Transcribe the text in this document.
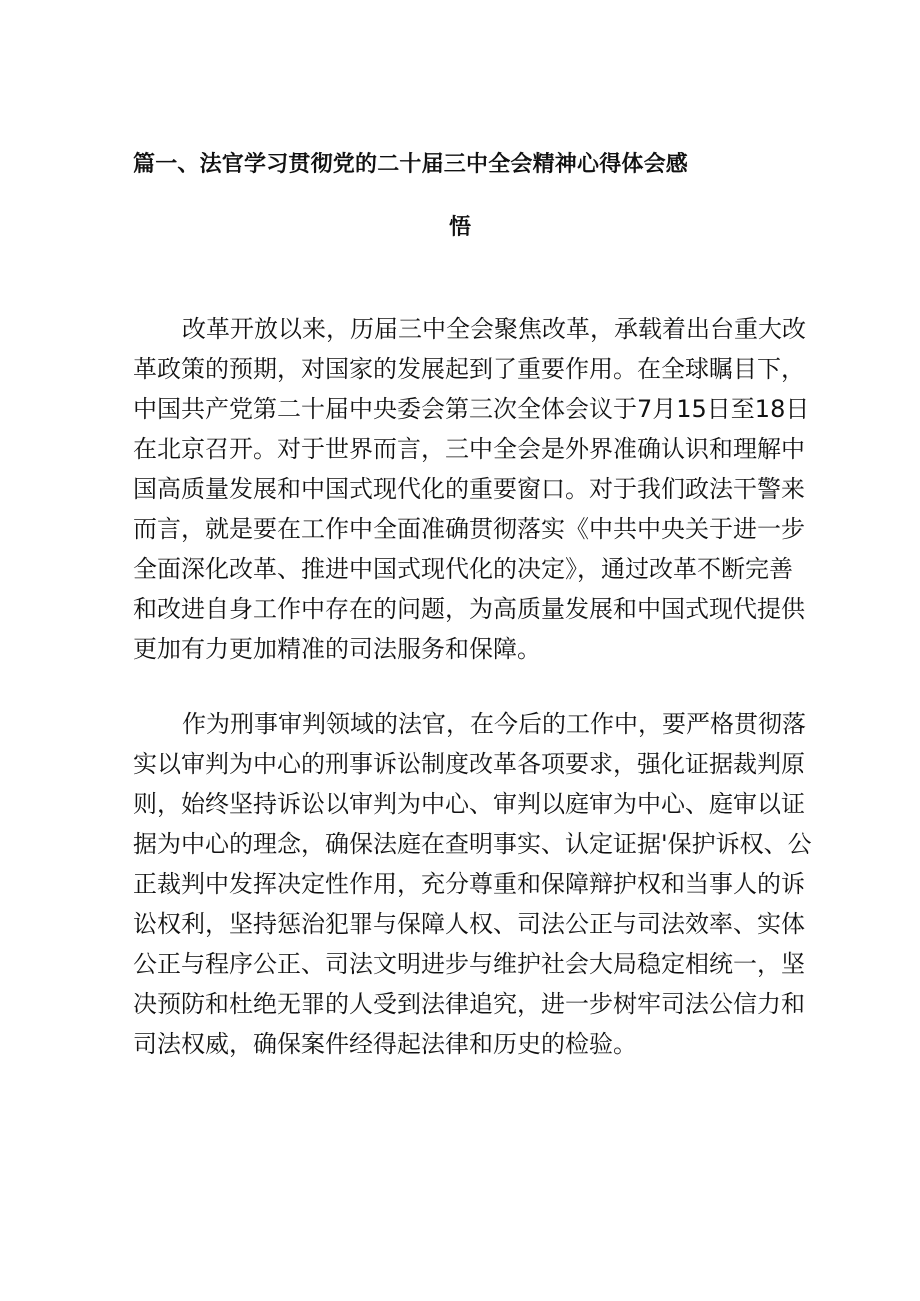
篇一、法官学习贯彻党的二十届三中全会精神心得体会感
悟
改革开放以来，历届三中全会聚焦改革，承载着出台重大改
革政策的预期，对国家的发展起到了重要作用。在全球瞩目下，
中国共产党第二十届中央委会第三次全体会议于7月15日至18日
在北京召开。对于世界而言，三中全会是外界准确认识和理解中
国高质量发展和中国式现代化的重要窗口。对于我们政法干警来
而言，就是要在工作中全面准确贯彻落实《中共中央关于进一步
全面深化改革、推进中国式现代化的决定》，通过改革不断完善
和改进自身工作中存在的问题，为高质量发展和中国式现代提供
更加有力更加精准的司法服务和保障。
作为刑事审判领域的法官，在今后的工作中，要严格贯彻落
实以审判为中心的刑事诉讼制度改革各项要求，强化证据裁判原
则，始终坚持诉讼以审判为中心、审判以庭审为中心、庭审以证
据为中心的理念，确保法庭在查明事实、认定证据'保护诉权、公
正裁判中发挥决定性作用，充分尊重和保障辩护权和当事人的诉
讼权利，坚持惩治犯罪与保障人权、司法公正与司法效率、实体
公正与程序公正、司法文明进步与维护社会大局稳定相统一，坚
决预防和杜绝无罪的人受到法律追究，进一步树牢司法公信力和
司法权威，确保案件经得起法律和历史的检验。
